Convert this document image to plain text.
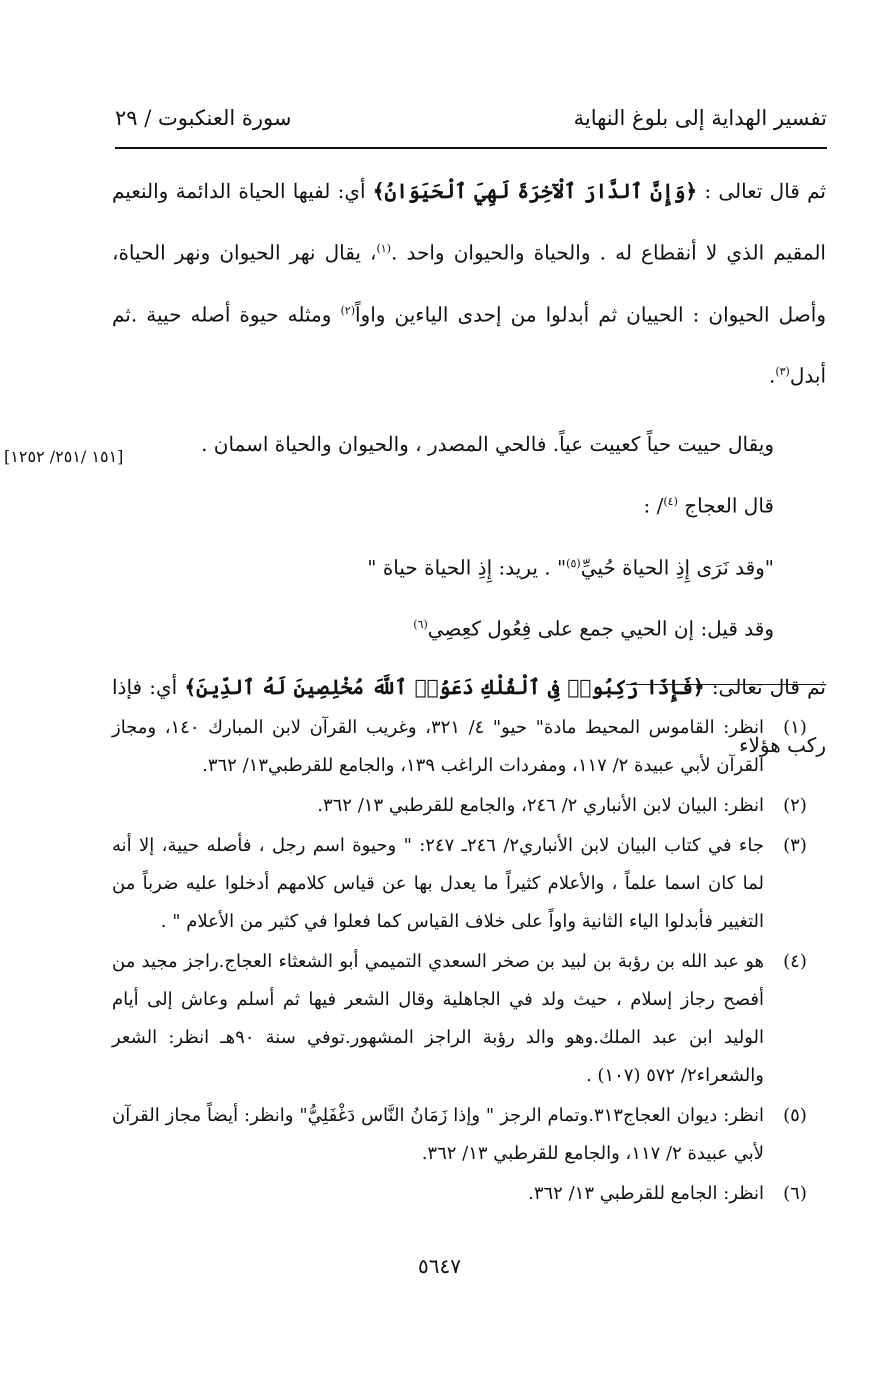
تفسير الهداية إلى بلوغ النهاية
سورة العنكبوت / ٢٩

ثم قال تعالى : ﴿وَإِنَّ ٱلدَّارَ ٱلْآخِرَةَ لَهِيَ ٱلْحَيَوَانُ﴾ أي: لفيها الحياة الدائمة والنعيم المقيم الذي لا أنقطاع له . والحياة والحيوان واحد .$^{(١)}$، يقال نهر الحيوان ونهر الحياة، وأصل الحيوان : الحييان ثم أبدلوا من إحدى الياءين واواً$^{(٢)}$ ومثله حيوة أصله حيية .ثم أبدل$^{(٣)}$.

ويقال حييت حياً كعييت عياً. فالحي المصدر ، والحيوان والحياة اسمان .

قال العجاج $^{(٤)}$/ :

"وقد نَرَى إِذِ الحياة حُييِّ$^{(٥)}$" . يريد: إِذِ الحياة حياة "

وقد قيل: إن الحيي جمع على فِعُول كعِصِي$^{(٦)}$

ثم قال تعالى: ﴿فَإِذَا رَكِبُوا۟ فِى ٱلْفُلْكِ دَعَوُا۟ ٱللَّهَ مُخْلِصِينَ لَهُ ٱلدِّينَ﴾ أي: فإذا ركب هؤلاء

[١٥١ /٢٥١/ ١٢٥٢]
(١)
انظر: القاموس المحيط مادة" حيو" ٤/ ٣٢١، وغريب القرآن لابن المبارك ١٤٠، ومجاز القرآن لأبي عبيدة ٢/ ١١٧، ومفردات الراغب ١٣٩، والجامع للقرطبي١٣/ ٣٦٢.
(٢)
انظر: البيان لابن الأنباري ٢/ ٢٤٦، والجامع للقرطبي ١٣/ ٣٦٢.
(٣)
جاء في كتاب البيان لابن الأنباري٢/ ٢٤٦ـ ٢٤٧: " وحيوة اسم رجل ، فأصله حيية، إلا أنه لما كان اسما علماً ، والأعلام كثيراً ما يعدل بها عن قياس كلامهم أدخلوا عليه ضرباً من التغيير فأبدلوا الياء الثانية واواً على خلاف القياس كما فعلوا في كثير من الأعلام " .
(٤)
هو عبد الله بن رؤبة بن لبيد بن صخر السعدي التميمي أبو الشعثاء العجاج.راجز مجيد من أفصح رجاز إسلام ، حيث ولد في الجاهلية وقال الشعر فيها ثم أسلم وعاش إلى أيام الوليد ابن عبد الملك.وهو والد رؤبة الراجز المشهور.توفي سنة ٩٠هـ انظر: الشعر والشعراء٢/ ٥٧٢ (١٠٧) .
(٥)
انظر: ديوان العجاج٣١٣.وتمام الرجز " وإذا زَمَانُ النَّاس دَغْفَلِيُّ" وانظر: أيضاً مجاز القرآن لأبي عبيدة ٢/ ١١٧، والجامع للقرطبي ١٣/ ٣٦٢.
(٦)
انظر: الجامع للقرطبي ١٣/ ٣٦٢.
٥٦٤٧
